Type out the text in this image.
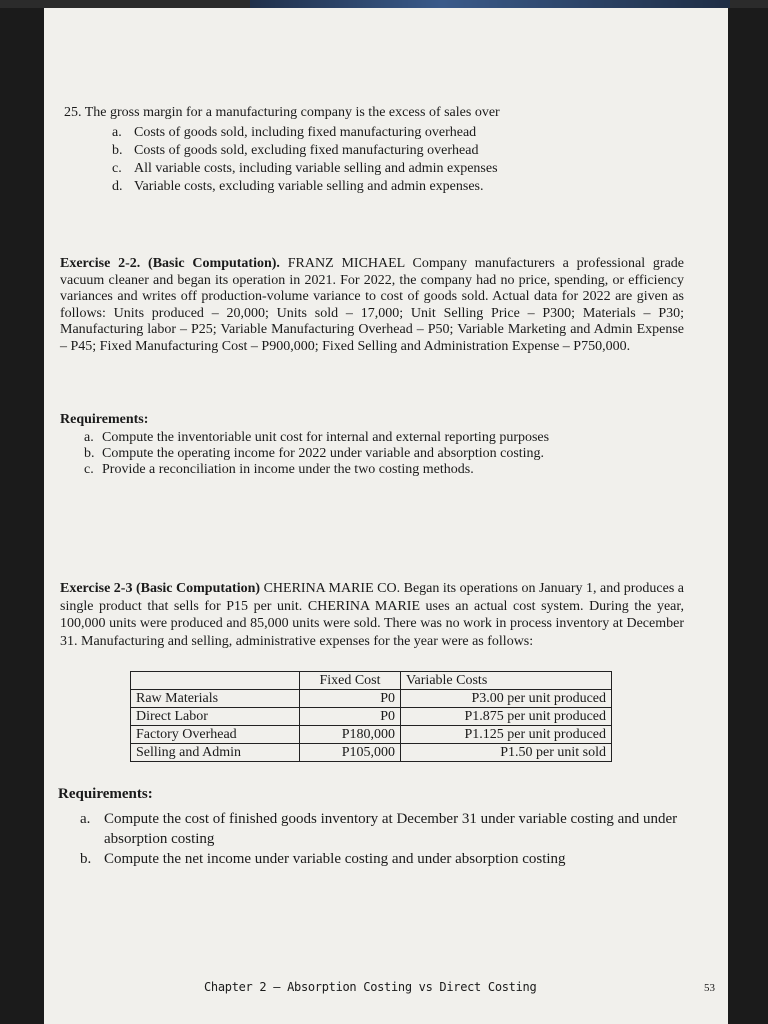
25. The gross margin for a manufacturing company is the excess of sales over

a. Costs of goods sold, including fixed manufacturing overhead
b. Costs of goods sold, excluding fixed manufacturing overhead
c. All variable costs, including variable selling and admin expenses
d. Variable costs, excluding variable selling and admin expenses.

Exercise 2-2. (Basic Computation). FRANZ MICHAEL Company manufacturers a professional grade vacuum cleaner and began its operation in 2021. For 2022, the company had no price, spending, or efficiency variances and writes off production-volume variance to cost of goods sold. Actual data for 2022 are given as follows: Units produced – 20,000; Units sold – 17,000; Unit Selling Price – P300; Materials – P30; Manufacturing labor – P25; Variable Manufacturing Overhead – P50; Variable Marketing and Admin Expense – P45; Fixed Manufacturing Cost – P900,000; Fixed Selling and Administration Expense – P750,000.

Requirements:

a. Compute the inventoriable unit cost for internal and external reporting purposes
b. Compute the operating income for 2022 under variable and absorption costing.
c. Provide a reconciliation in income under the two costing methods.

Exercise 2-3 (Basic Computation) CHERINA MARIE CO. Began its operations on January 1, and produces a single product that sells for P15 per unit. CHERINA MARIE uses an actual cost system. During the year, 100,000 units were produced and 85,000 units were sold. There was no work in process inventory at December 31. Manufacturing and selling, administrative expenses for the year were as follows:

	Fixed Cost	Variable Costs
Raw Materials	P0	P3.00 per unit produced
Direct Labor	P0	P1.875 per unit produced
Factory Overhead	P180,000	P1.125 per unit produced
Selling and Admin	P105,000	P1.50 per unit sold

Requirements:

a. Compute the cost of finished goods inventory at December 31 under variable costing and under absorption costing
b. Compute the net income under variable costing and under absorption costing
Chapter 2 – Absorption Costing vs Direct Costing	53
